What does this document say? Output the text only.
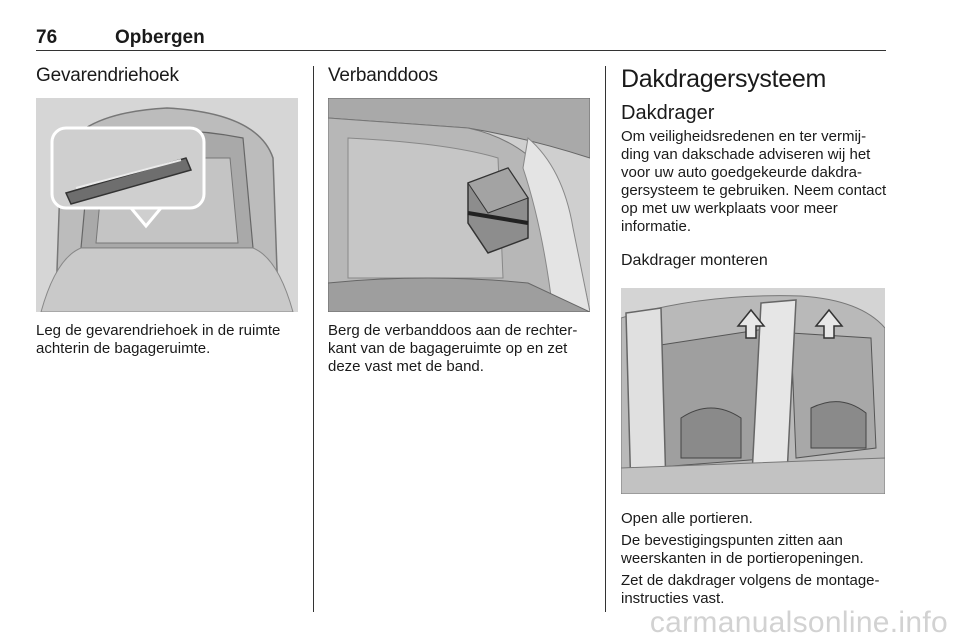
76	Opbergen
Gevarendriehoek

Leg de gevarendriehoek in de ruimte achterin de bagageruimte.

Verbanddoos

Berg de verbanddoos aan de rechter-kant van de bagageruimte op en zet deze vast met de band.

Dakdragersysteem
Dakdrager

Om veiligheidsredenen en ter vermij-ding van dakschade adviseren wij het voor uw auto goedgekeurde dakdra-gersysteem te gebruiken. Neem contact op met uw werkplaats voor meer informatie.

Dakdrager monteren

Open alle portieren.

De bevestigingspunten zitten aan weerskanten in de portieropeningen.

Zet de dakdrager volgens de montage-instructies vast.

carmanualsonline.info
